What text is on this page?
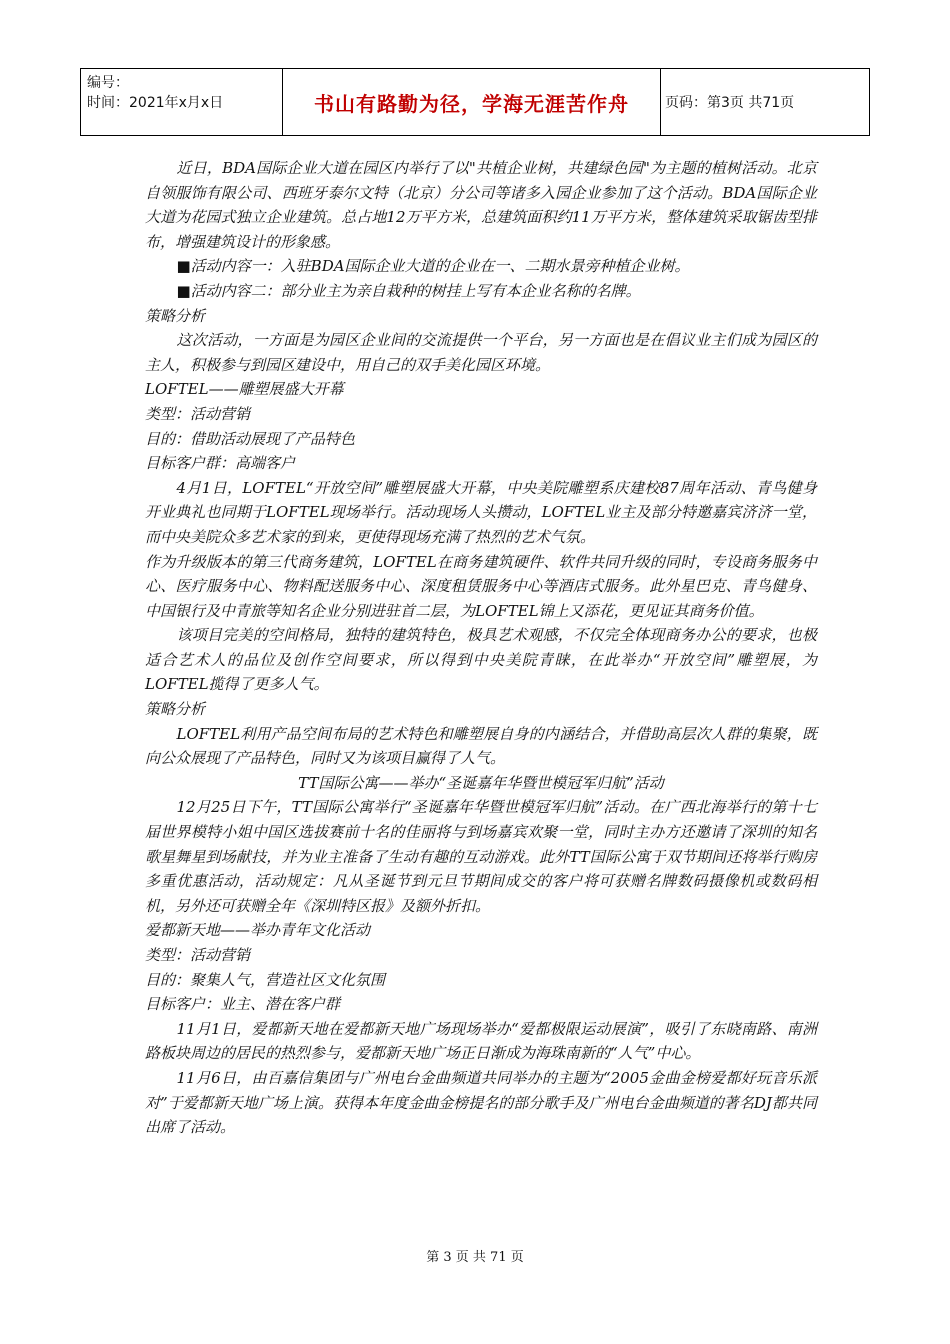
编号：
时间：2021年x月x日	书山有路勤为径，学海无涯苦作舟	页码：第3页 共71页

近日，BDA国际企业大道在园区内举行了以"共植企业树，共建绿色园"为主题的植树活动。北京自领服饰有限公司、西班牙泰尔文特（北京）分公司等诸多入园企业参加了这个活动。BDA国际企业大道为花园式独立企业建筑。总占地12万平方米，总建筑面积约11万平方米，整体建筑采取锯齿型排布，增强建筑设计的形象感。

■活动内容一：入驻BDA国际企业大道的企业在一、二期水景旁种植企业树。

■活动内容二：部分业主为亲自栽种的树挂上写有本企业名称的名牌。

策略分析

这次活动，一方面是为园区企业间的交流提供一个平台，另一方面也是在倡议业主们成为园区的主人，积极参与到园区建设中，用自己的双手美化园区环境。

LOFTEL——雕塑展盛大开幕

类型：活动营销

目的：借助活动展现了产品特色

目标客户群：高端客户

4月1日，LOFTEL“开放空间”雕塑展盛大开幕，中央美院雕塑系庆建校87周年活动、青鸟健身开业典礼也同期于LOFTEL现场举行。活动现场人头攒动，LOFTEL业主及部分特邀嘉宾济济一堂，而中央美院众多艺术家的到来，更使得现场充满了热烈的艺术气氛。

作为升级版本的第三代商务建筑，LOFTEL在商务建筑硬件、软件共同升级的同时，专设商务服务中心、医疗服务中心、物料配送服务中心、深度租赁服务中心等酒店式服务。此外星巴克、青鸟健身、中国银行及中青旅等知名企业分别进驻首二层，为LOFTEL锦上又添花，更见证其商务价值。

该项目完美的空间格局，独特的建筑特色，极具艺术观感，不仅完全体现商务办公的要求，也极适合艺术人的品位及创作空间要求，所以得到中央美院青睐，在此举办“开放空间”雕塑展，为LOFTEL揽得了更多人气。

策略分析

LOFTEL利用产品空间布局的艺术特色和雕塑展自身的内涵结合，并借助高层次人群的集聚，既向公众展现了产品特色，同时又为该项目赢得了人气。

TT国际公寓——举办“圣诞嘉年华暨世模冠军归航”活动

12月25日下午，TT国际公寓举行“圣诞嘉年华暨世模冠军归航”活动。在广西北海举行的第十七届世界模特小姐中国区选拔赛前十名的佳丽将与到场嘉宾欢聚一堂，同时主办方还邀请了深圳的知名歌星舞星到场献技，并为业主准备了生动有趣的互动游戏。此外TT国际公寓于双节期间还将举行购房多重优惠活动，活动规定：凡从圣诞节到元旦节期间成交的客户将可获赠名牌数码摄像机或数码相机，另外还可获赠全年《深圳特区报》及额外折扣。

爱都新天地——举办青年文化活动

类型：活动营销

目的：聚集人气，营造社区文化氛围

目标客户：业主、潜在客户群

11月1日，爱都新天地在爱都新天地广场现场举办“爱都极限运动展演”，吸引了东晓南路、南洲路板块周边的居民的热烈参与，爱都新天地广场正日渐成为海珠南新的“人气”中心。

11月6日，由百嘉信集团与广州电台金曲频道共同举办的主题为“2005金曲金榜爱都好玩音乐派对”于爱都新天地广场上演。获得本年度金曲金榜提名的部分歌手及广州电台金曲频道的著名DJ都共同出席了活动。

第 3 页 共 71 页
